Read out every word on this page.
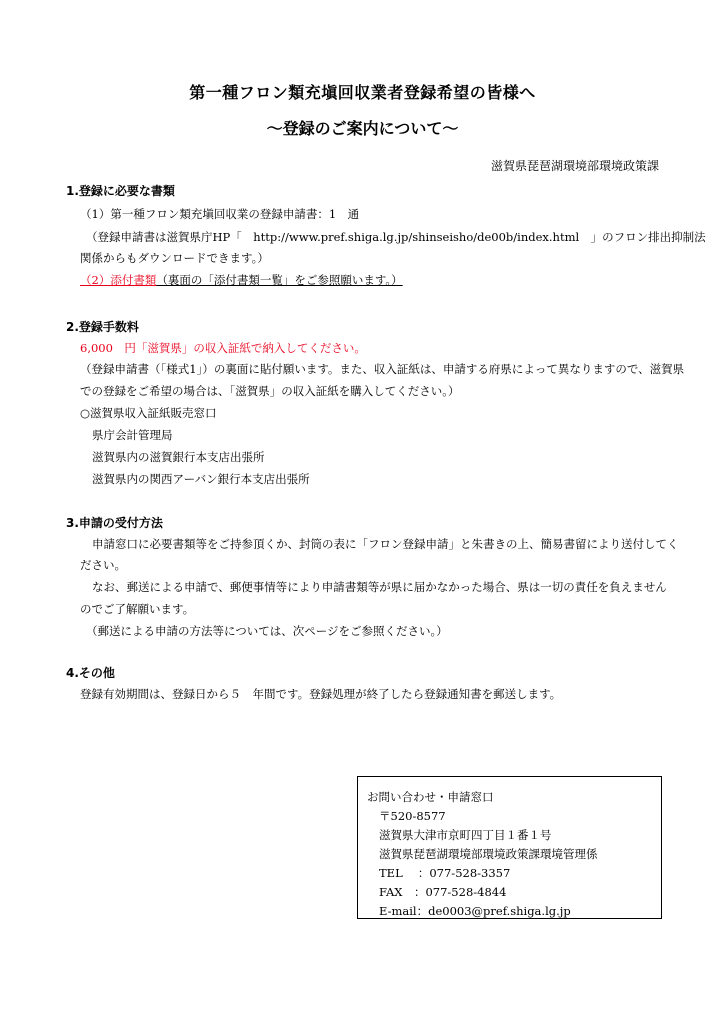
第一種フロン類充塡回収業者登録希望の皆様へ
～登録のご案内について～
滋賀県琵琶湖環境部環境政策課
1.登録に必要な書類
（1）第一種フロン類充塡回収業の登録申請書：1　通
（登録申請書は滋賀県庁HP「　http://www.pref.shiga.lg.jp/shinseisho/de00b/index.html　」のフロン排出抑制法
関係からもダウンロードできます。）
（2）添付書類（裏面の「添付書類一覧」をご参照願います。）
2.登録手数料
6,000　円「滋賀県」の収入証紙で納入してください。
（登録申請書（「様式1」）の裏面に貼付願います。また、収入証紙は、申請する府県によって異なりますので、滋賀県
での登録をご希望の場合は、「滋賀県」の収入証紙を購入してください。）
○滋賀県収入証紙販売窓口
県庁会計管理局
滋賀県内の滋賀銀行本支店出張所
滋賀県内の関西アーバン銀行本支店出張所
3.申請の受付方法
申請窓口に必要書類等をご持参頂くか、封筒の表に「フロン登録申請」と朱書きの上、簡易書留により送付してく
ださい。
なお、郵送による申請で、郵便事情等により申請書類等が県に届かなかった場合、県は一切の責任を負えません
のでご了解願います。
（郵送による申請の方法等については、次ページをご参照ください。）
4.その他
登録有効期間は、登録日から５　年間です。登録処理が終了したら登録通知書を郵送します。
お問い合わせ・申請窓口
〒520‐8577
滋賀県大津市京町四丁目１番１号
滋賀県琵琶湖環境部環境政策課環境管理係
TEL　 ：077‐528‐3357
FAX　：077‐528‐4844
E-mail：de0003@pref.shiga.lg.jp
